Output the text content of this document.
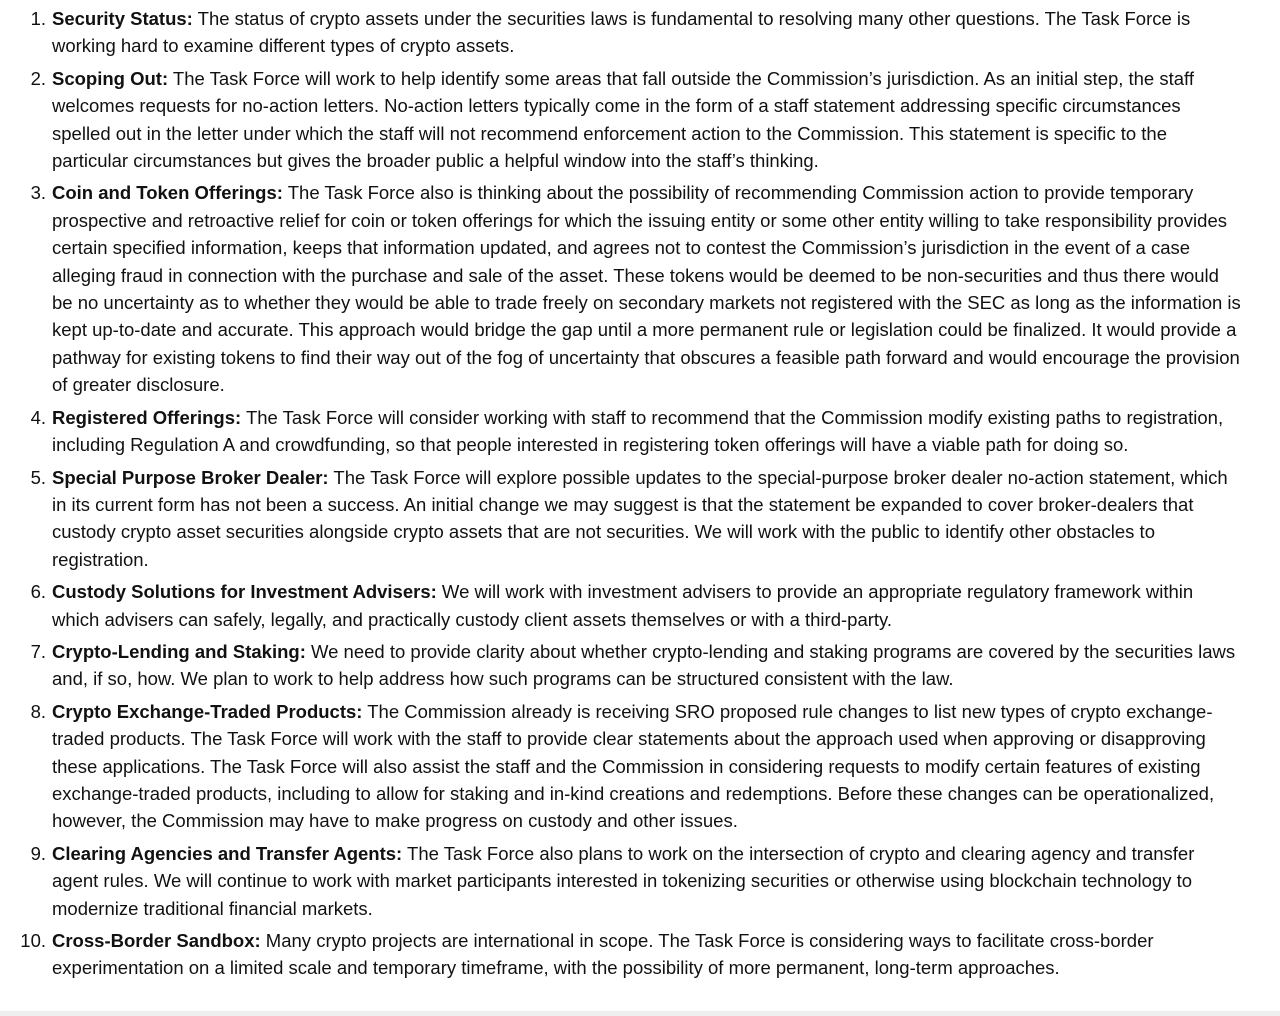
1. Security Status: The status of crypto assets under the securities laws is fundamental to resolving many other questions. The Task Force is working hard to examine different types of crypto assets.
2. Scoping Out: The Task Force will work to help identify some areas that fall outside the Commission’s jurisdiction. As an initial step, the staff welcomes requests for no-action letters. No-action letters typically come in the form of a staff statement addressing specific circumstances spelled out in the letter under which the staff will not recommend enforcement action to the Commission. This statement is specific to the particular circumstances but gives the broader public a helpful window into the staff’s thinking.
3. Coin and Token Offerings: The Task Force also is thinking about the possibility of recommending Commission action to provide temporary prospective and retroactive relief for coin or token offerings for which the issuing entity or some other entity willing to take responsibility provides certain specified information, keeps that information updated, and agrees not to contest the Commission’s jurisdiction in the event of a case alleging fraud in connection with the purchase and sale of the asset. These tokens would be deemed to be non-securities and thus there would be no uncertainty as to whether they would be able to trade freely on secondary markets not registered with the SEC as long as the information is kept up-to-date and accurate. This approach would bridge the gap until a more permanent rule or legislation could be finalized. It would provide a pathway for existing tokens to find their way out of the fog of uncertainty that obscures a feasible path forward and would encourage the provision of greater disclosure.
4. Registered Offerings: The Task Force will consider working with staff to recommend that the Commission modify existing paths to registration, including Regulation A and crowdfunding, so that people interested in registering token offerings will have a viable path for doing so.
5. Special Purpose Broker Dealer: The Task Force will explore possible updates to the special-purpose broker dealer no-action statement, which in its current form has not been a success. An initial change we may suggest is that the statement be expanded to cover broker-dealers that custody crypto asset securities alongside crypto assets that are not securities. We will work with the public to identify other obstacles to registration.
6. Custody Solutions for Investment Advisers: We will work with investment advisers to provide an appropriate regulatory framework within which advisers can safely, legally, and practically custody client assets themselves or with a third-party.
7. Crypto-Lending and Staking: We need to provide clarity about whether crypto-lending and staking programs are covered by the securities laws and, if so, how. We plan to work to help address how such programs can be structured consistent with the law.
8. Crypto Exchange-Traded Products: The Commission already is receiving SRO proposed rule changes to list new types of crypto exchange-traded products. The Task Force will work with the staff to provide clear statements about the approach used when approving or disapproving these applications. The Task Force will also assist the staff and the Commission in considering requests to modify certain features of existing exchange-traded products, including to allow for staking and in-kind creations and redemptions. Before these changes can be operationalized, however, the Commission may have to make progress on custody and other issues.
9. Clearing Agencies and Transfer Agents: The Task Force also plans to work on the intersection of crypto and clearing agency and transfer agent rules. We will continue to work with market participants interested in tokenizing securities or otherwise using blockchain technology to modernize traditional financial markets.
10. Cross-Border Sandbox: Many crypto projects are international in scope. The Task Force is considering ways to facilitate cross-border experimentation on a limited scale and temporary timeframe, with the possibility of more permanent, long-term approaches.
